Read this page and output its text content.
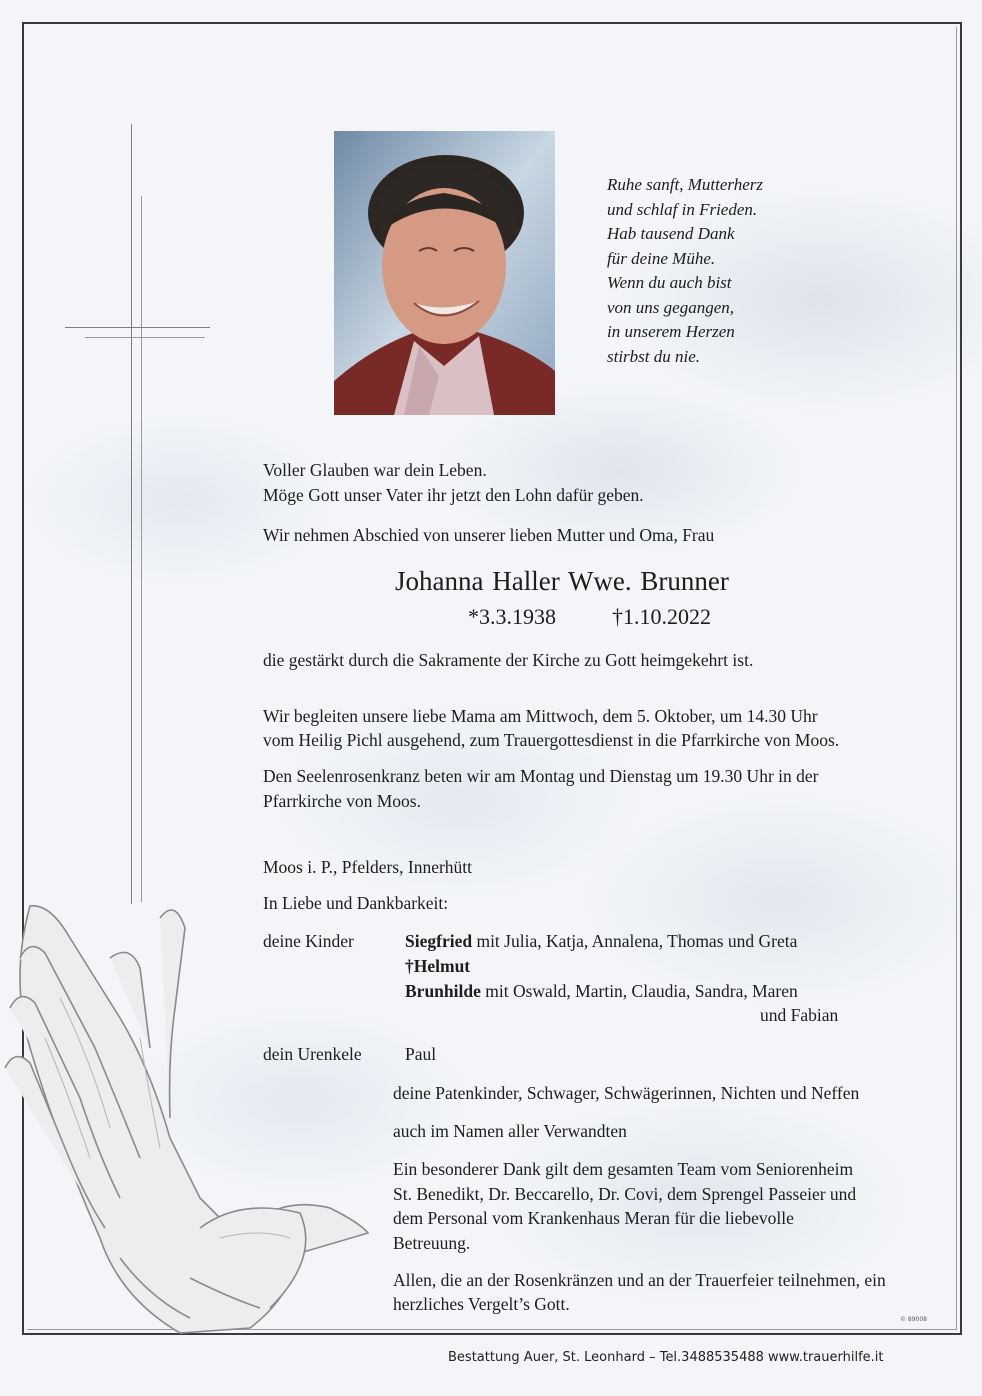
Ruhe sanft, Mutterherz
und schlaf in Frieden.
Hab tausend Dank
für deine Mühe.
Wenn du auch bist
von uns gegangen,
in unserem Herzen
stirbst du nie.
Voller Glauben war dein Leben.
Möge Gott unser Vater ihr jetzt den Lohn dafür geben.
Wir nehmen Abschied von unserer lieben Mutter und Oma, Frau
Johanna Haller Wwe. Brunner
*3.3.1938	†1.10.2022
die gestärkt durch die Sakramente der Kirche zu Gott heimgekehrt ist.
Wir begleiten unsere liebe Mama am Mittwoch, dem 5. Oktober, um 14.30 Uhr
vom Heilig Pichl ausgehend, zum Trauergottesdienst in die Pfarrkirche von Moos.
Den Seelenrosenkranz beten wir am Montag und Dienstag um 19.30 Uhr in der
Pfarrkirche von Moos.
Moos i. P., Pfelders, Innerhütt
In Liebe und Dankbarkeit:
deine Kinder	Siegfried mit Julia, Katja, Annalena, Thomas und Greta
†Helmut
Brunhilde mit Oswald, Martin, Claudia, Sandra, Maren
und Fabian
dein Urenkele Paul
deine Patenkinder, Schwager, Schwägerinnen, Nichten und Neffen
auch im Namen aller Verwandten
Ein besonderer Dank gilt dem gesamten Team vom Seniorenheim
St. Benedikt, Dr. Beccarello, Dr. Covi, dem Sprengel Passeier und
dem Personal vom Krankenhaus Meran für die liebevolle
Betreuung.
Allen, die an der Rosenkränzen und an der Trauerfeier teilnehmen, ein
herzliches Vergelt’s Gott.
© 89008
Bestattung Auer, St. Leonhard – Tel.3488535488 www.trauerhilfe.it
